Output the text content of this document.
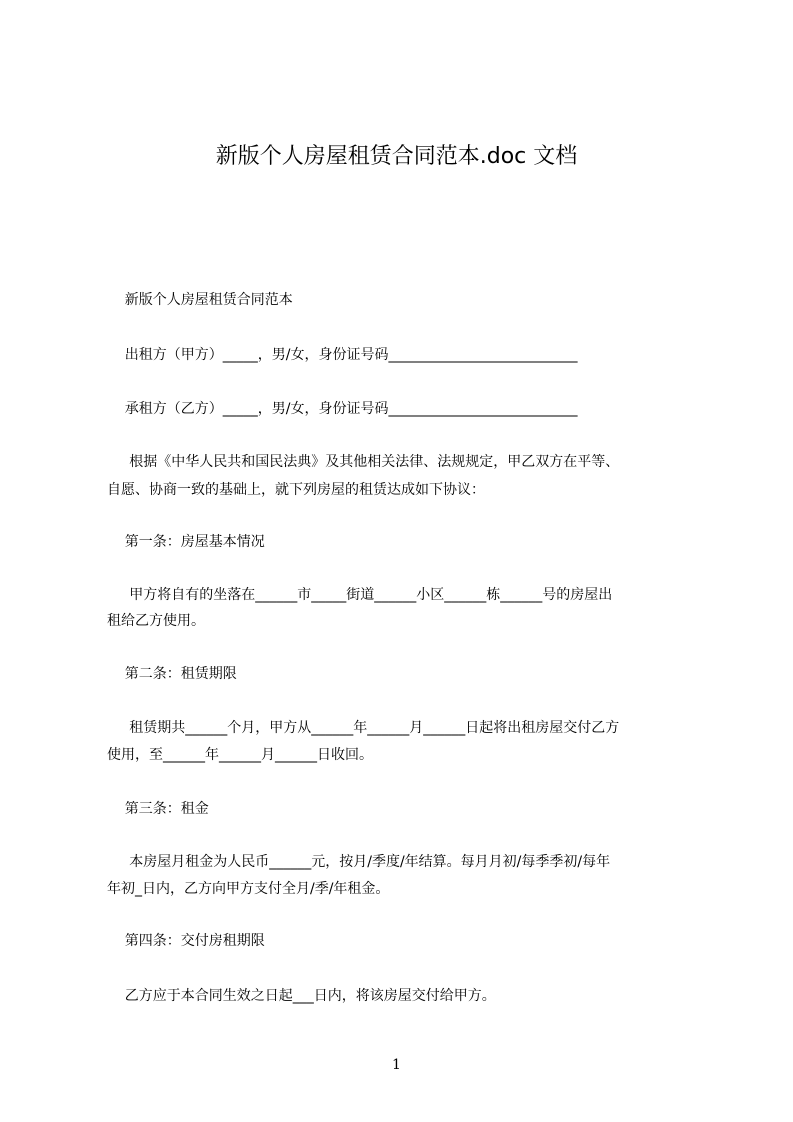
新版个人房屋租赁合同范本.doc 文档

新版个人房屋租赁合同范本

出租方（甲方）_____，男/女，身份证号码___________________________

承租方（乙方）_____，男/女，身份证号码___________________________

根据《中华人民共和国民法典》及其他相关法律、法规规定，甲乙双方在平等、

自愿、协商一致的基础上，就下列房屋的租赁达成如下协议：

第一条：房屋基本情况

甲方将自有的坐落在______市_____街道______小区______栋______号的房屋出

租给乙方使用。

第二条：租赁期限

租赁期共______个月，甲方从______年______月______日起将出租房屋交付乙方

使用，至______年______月______日收回。

第三条：租金

本房屋月租金为人民币______元，按月/季度/年结算。每月月初/每季季初/每年

年初_日内，乙方向甲方支付全月/季/年租金。

第四条：交付房租期限

乙方应于本合同生效之日起___日内，将该房屋交付给甲方。

1
